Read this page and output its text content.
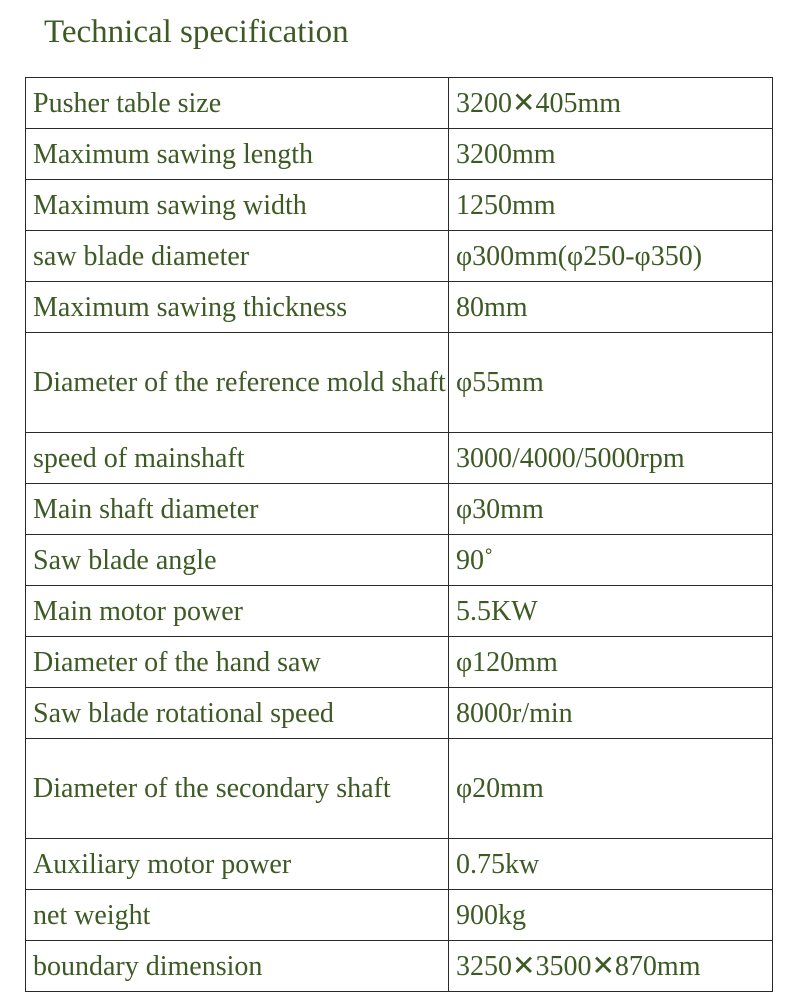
Technical specification
Pusher table size	3200✕405mm
Maximum sawing length	3200mm
Maximum sawing width	1250mm
saw blade diameter	φ300mm(φ250-φ350)
Maximum sawing thickness	80mm
Diameter of the reference mold shaft	φ55mm
speed of mainshaft	3000/4000/5000rpm
Main shaft diameter	φ30mm
Saw blade angle	90˚
Main motor power	5.5KW
Diameter of the hand saw	φ120mm
Saw blade rotational speed	8000r/min
Diameter of the secondary shaft	φ20mm
Auxiliary motor power	0.75kw
net weight	900kg
boundary dimension	3250✕3500✕870mm
